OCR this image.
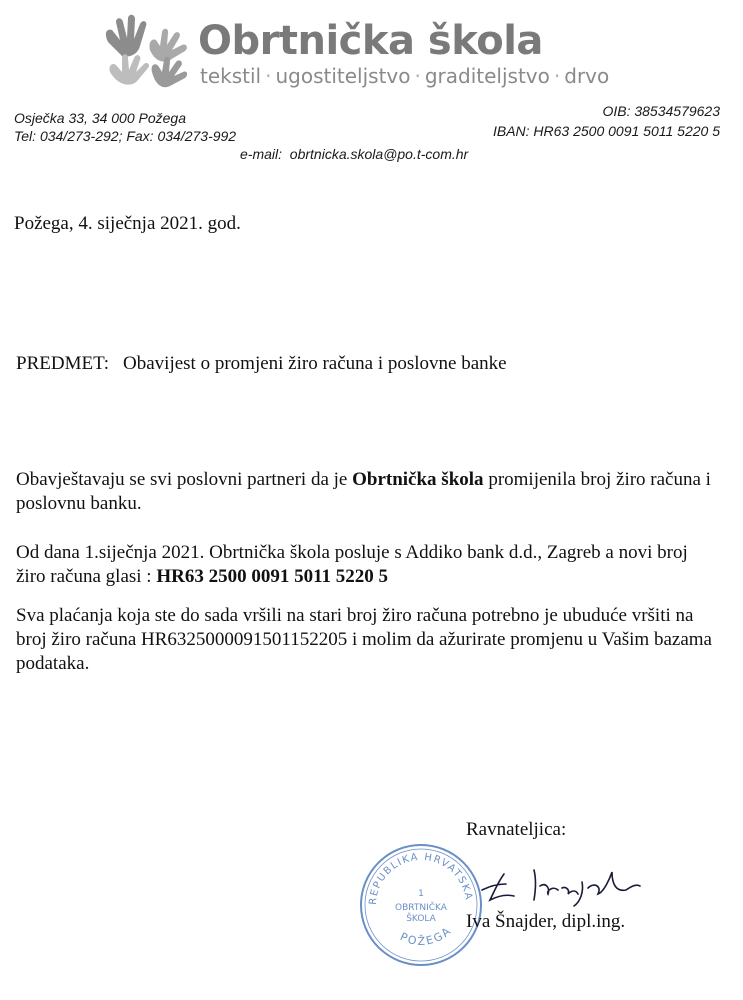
Obrtnička škola
tekstil · ugostiteljstvo · graditeljstvo · drvo
Osječka 33, 34 000 Požega
Tel: 034/273-292; Fax: 034/273-992
OIB: 38534579623
IBAN: HR63 2500 0091 5011 5220 5
e-mail: obrtnicka.skola@po.t-com.hr
Požega, 4. siječnja 2021. god.
PREDMET: Obavijest o promjeni žiro računa i poslovne banke
Obavještavaju se svi poslovni partneri da je Obrtnička škola promijenila broj žiro računa i poslovnu banku.
Od dana 1.siječnja 2021. Obrtnička škola posluje s Addiko bank d.d., Zagreb a novi broj žiro računa glasi : HR63 2500 0091 5011 5220 5
Sva plaćanja koja ste do sada vršili na stari broj žiro računa potrebno je ubuduće vršiti na broj žiro računa HR6325000091501152205 i molim da ažurirate promjenu u Vašim bazama podataka.
Ravnateljica:
REPUBLIKA HRVATSKA
1
OBRTNIČKA
ŠKOLA
POŽEGA Iva Šnajder, dipl.ing.
